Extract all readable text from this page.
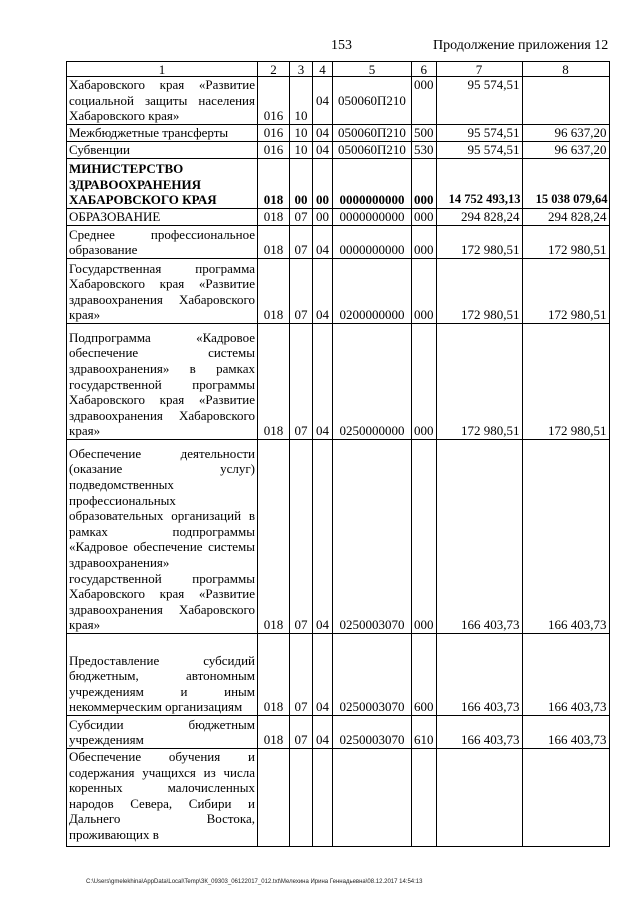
153	Продолжение приложения 12
1	2	3	4	5	6	7	8
Хабаровского края «Развитие социальной защиты населения Хабаровского края»	016	10	04	050060П210	000	95 574,51	
Межбюджетные трансферты	016	10	04	050060П210	500	95 574,51	96 637,20
Субвенции	016	10	04	050060П210	530	95 574,51	96 637,20
МИНИСТЕРСТВО ЗДРАВООХРАНЕНИЯ ХАБАРОВСКОГО КРАЯ	018	00	00	0000000000	000	14 752 493,13	15 038 079,64
ОБРАЗОВАНИЕ	018	07	00	0000000000	000	294 828,24	294 828,24
Среднее профессиональное образование	018	07	04	0000000000	000	172 980,51	172 980,51
Государственная программа Хабаровского края «Развитие здравоохранения Хабаровского края»	018	07	04	0200000000	000	172 980,51	172 980,51
Подпрограмма «Кадровое обеспечение системы здравоохранения» в рамках государственной программы Хабаровского края «Развитие здравоохранения Хабаровского края»	018	07	04	0250000000	000	172 980,51	172 980,51
Обеспечение деятельности (оказание услуг) подведомственных профессиональных образовательных организаций в рамках подпрограммы «Кадровое обеспечение системы здравоохранения» государственной программы Хабаровского края «Развитие здравоохранения Хабаровского края»	018	07	04	0250003070	000	166 403,73	166 403,73
Предоставление субсидий бюджетным, автономным учреждениям и иным некоммерческим организациям	018	07	04	0250003070	600	166 403,73	166 403,73
Субсидии бюджетным учреждениям	018	07	04	0250003070	610	166 403,73	166 403,73
Обеспечение обучения и содержания учащихся из числа коренных малочисленных народов Севера, Сибири и Дальнего Востока, проживающих в							
C:\Users\gmelekhina\AppData\Local\Temp\ЗК_09303_06122017_012.txt\Мелехина Ирина Геннадьевна\08.12.2017 14:54:13
